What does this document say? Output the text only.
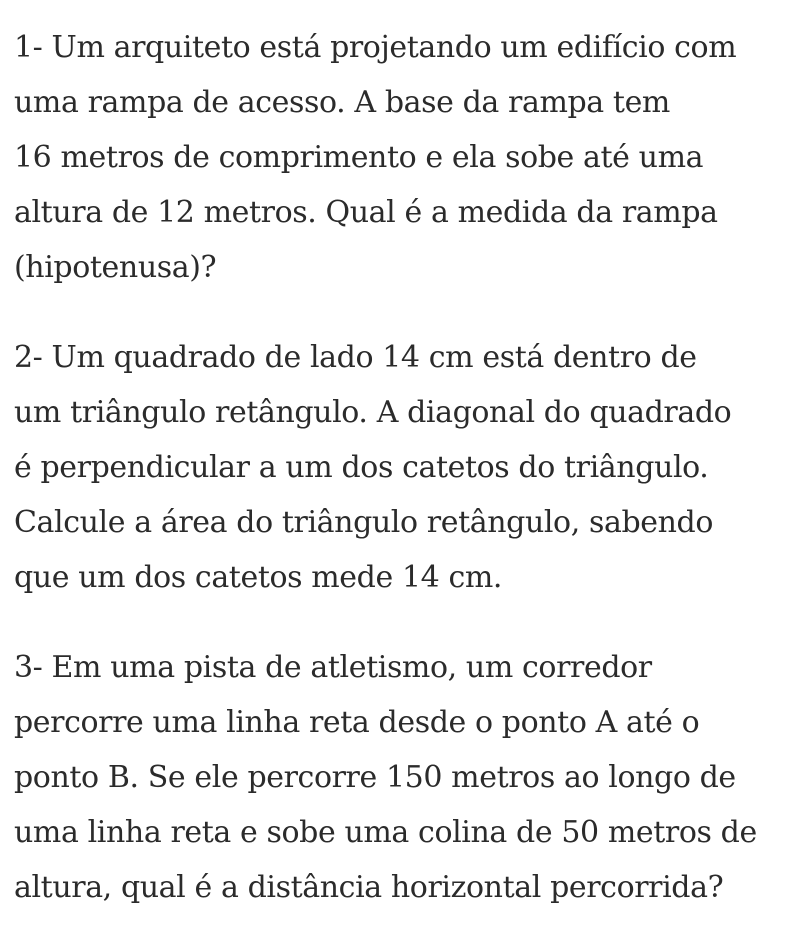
1- Um arquiteto está projetando um edifício com
uma rampa de acesso. A base da rampa tem
16 metros de comprimento e ela sobe até uma
altura de 12 metros. Qual é a medida da rampa
(hipotenusa)?

2- Um quadrado de lado 14 cm está dentro de
um triângulo retângulo. A diagonal do quadrado
é perpendicular a um dos catetos do triângulo.
Calcule a área do triângulo retângulo, sabendo
que um dos catetos mede 14 cm.

3- Em uma pista de atletismo, um corredor
percorre uma linha reta desde o ponto A até o
ponto B. Se ele percorre 150 metros ao longo de
uma linha reta e sobe uma colina de 50 metros de
altura, qual é a distância horizontal percorrida?
